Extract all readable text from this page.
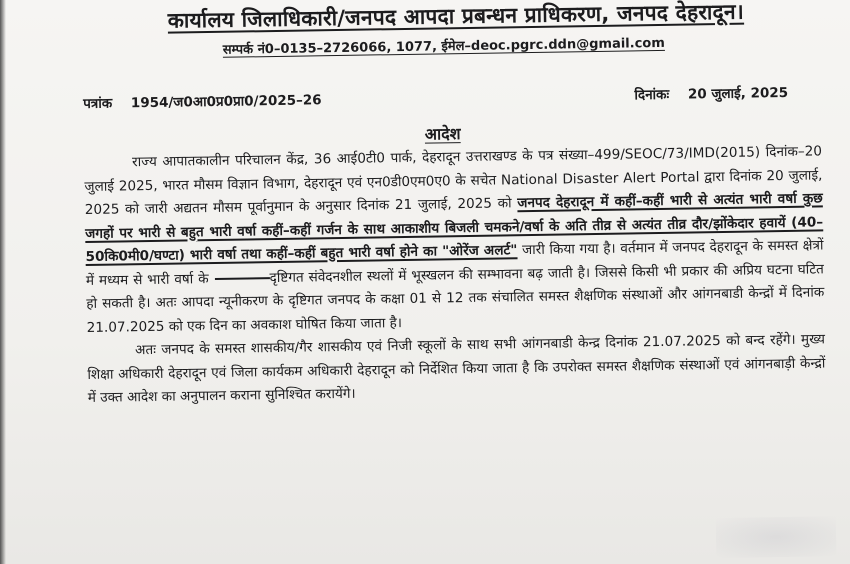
कार्यालय जिलाधिकारी/जनपद आपदा प्रबन्धन प्राधिकरण, जनपद देहरादून।
सम्पर्क नं0–0135–2726066, 1077, ईमेल–deoc.pgrc.ddn@gmail.com
पत्रांक 1954/ज0आ0प्र0प्रा0/2025–26	दिनांकः 20 जुलाई, 2025
आदेश

राज्य आपातकालीन परिचालन केंद्र, 36 आई0टी0 पार्क, देहरादून उत्तराखण्ड के पत्र संख्या–499/SEOC/73/IMD(2015) दिनांक–20 जुलाई 2025, भारत मौसम विज्ञान विभाग, देहरादून एवं एन0डी0एम0ए0 के सचेत National Disaster Alert Portal द्वारा दिनांक 20 जुलाई, 2025 को जारी अद्यतन मौसम पूर्वानुमान के अनुसार दिनांक 21 जुलाई, 2025 को जनपद देहरादून में कहीं–कहीं भारी से अत्यंत भारी वर्षा कुछ जगहों पर भारी से बहुत भारी वर्षा कहीं–कहीं गर्जन के साथ आकाशीय बिजली चमकने/वर्षा के अति तीव्र से अत्यंत तीव्र दौर/झोंकेदार हवायें (40–50कि0मी0/घण्टा) भारी वर्षा तथा कहीं–कहीं बहुत भारी वर्षा होने का "ओरेंज अलर्ट" जारी किया गया है। वर्तमान में जनपद देहरादून के समस्त क्षेत्रों में मध्यम से भारी वर्षा के	दृष्टिगत संवेदनशील स्थलों में भूस्खलन की सम्भावना बढ़ जाती है। जिससे किसी भी प्रकार की अप्रिय घटना घटित हो सकती है। अतः आपदा न्यूनीकरण के दृष्टिगत जनपद के कक्षा 01 से 12 तक संचालित समस्त शैक्षणिक संस्थाओं और आंगनबाडी केन्द्रों में दिनांक 21.07.2025 को एक दिन का अवकाश घोषित किया जाता है।

अतः जनपद के समस्त शासकीय/गैर शासकीय एवं निजी स्कूलों के साथ सभी आंगनबाडी केन्द्र दिनांक 21.07.2025 को बन्द रहेंगे। मुख्य शिक्षा अधिकारी देहरादून एवं जिला कार्यकम अधिकारी देहरादून को निर्देशित किया जाता है कि उपरोक्त समस्त शैक्षणिक संस्थाओं एवं आंगनबाड़ी केन्द्रों में उक्त आदेश का अनुपालन कराना सुनिश्चित करायेंगे।
